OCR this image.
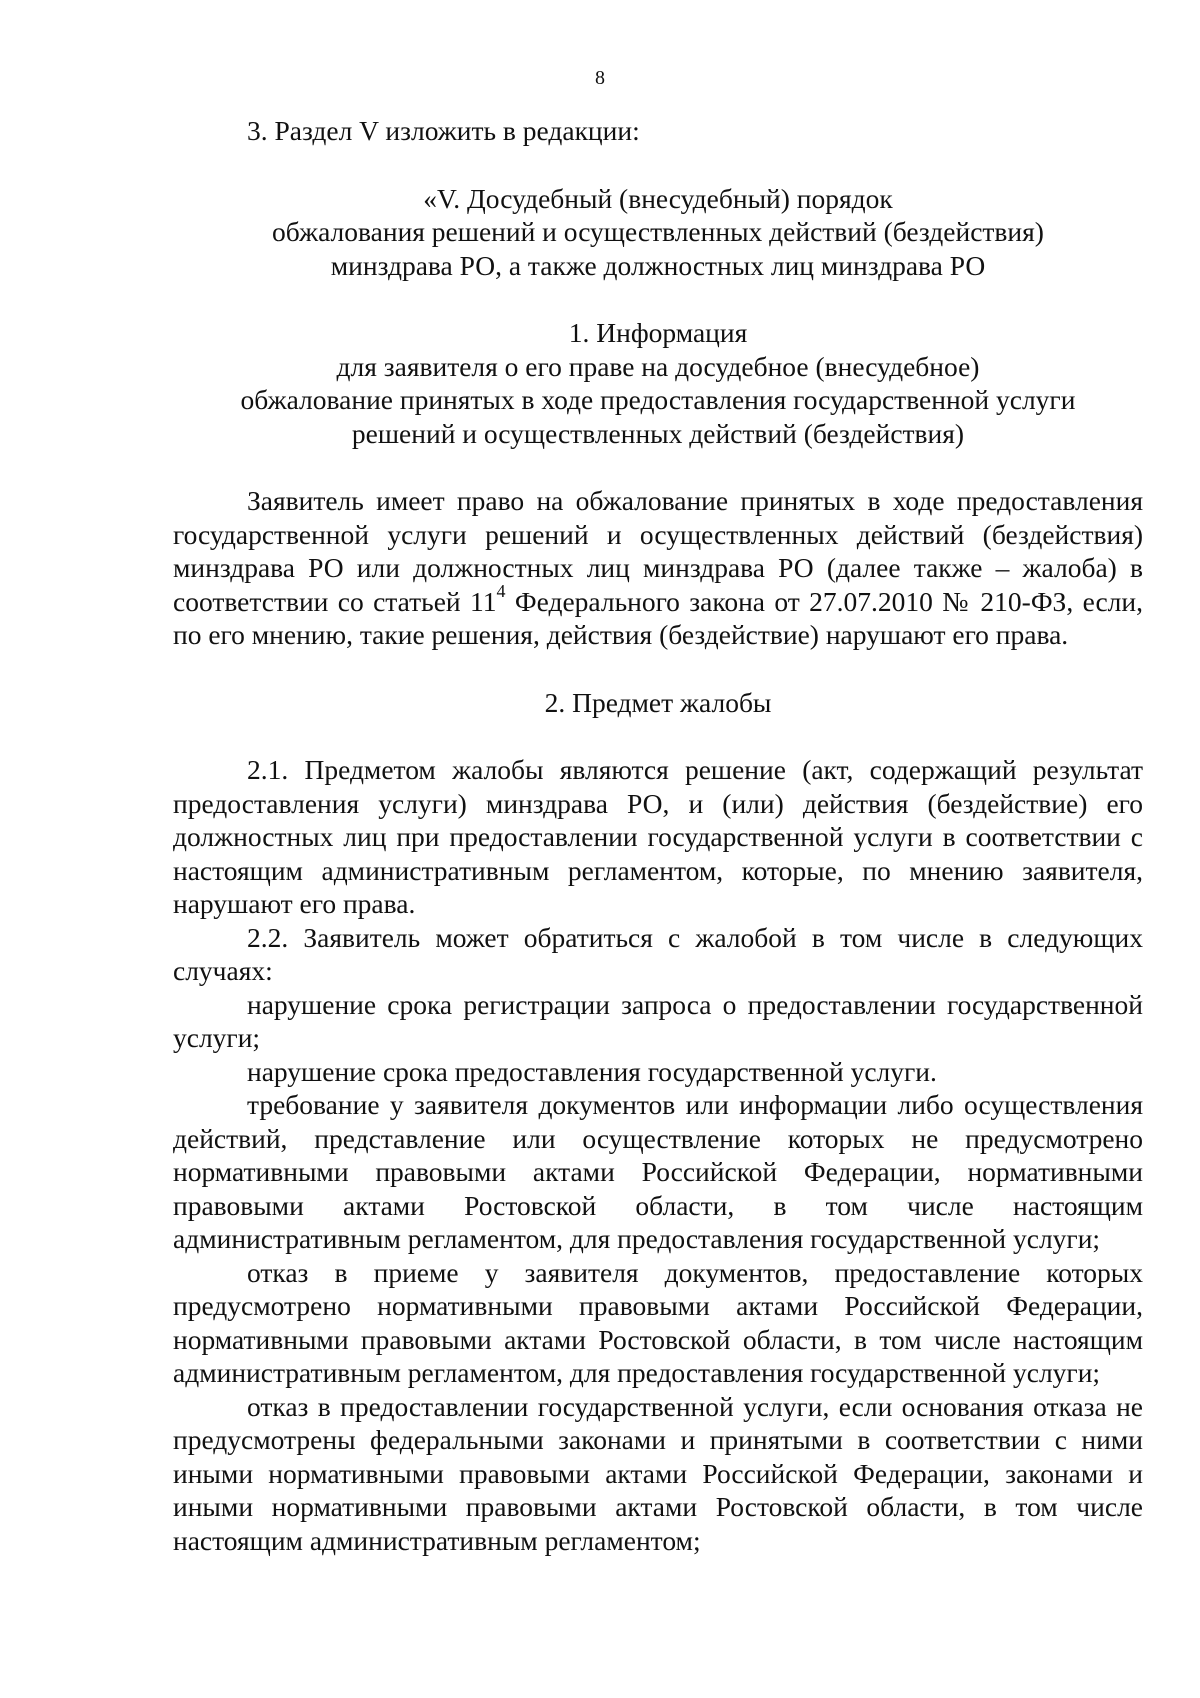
8

3. Раздел V изложить в редакции:

«V. Досудебный (внесудебный) порядок

обжалования решений и осуществленных действий (бездействия)

минздрава РО, а также должностных лиц минздрава РО

1. Информация

для заявителя о его праве на досудебное (внесудебное)

обжалование принятых в ходе предоставления государственной услуги

решений и осуществленных действий (бездействия)

Заявитель имеет право на обжалование принятых в ходе предоставления государственной услуги решений и осуществленных действий (бездействия) минздрава РО или должностных лиц минздрава РО (далее также – жалоба) в соответствии со статьей $11^4$ Федерального закона от 27.07.2010 № 210-ФЗ, если, по его мнению, такие решения, действия (бездействие) нарушают его права.

2. Предмет жалобы

2.1. Предметом жалобы являются решение (акт, содержащий результат предоставления услуги) минздрава РО, и (или) действия (бездействие) его должностных лиц при предоставлении государственной услуги в соответствии с настоящим административным регламентом, которые, по мнению заявителя, нарушают его права.

2.2. Заявитель может обратиться с жалобой в том числе в следующих случаях:

нарушение срока регистрации запроса о предоставлении государственной услуги;

нарушение срока предоставления государственной услуги.

требование у заявителя документов или информации либо осуществления действий, представление или осуществление которых не предусмотрено нормативными правовыми актами Российской Федерации, нормативными правовыми актами Ростовской области, в том числе настоящим административным регламентом, для предоставления государственной услуги;

отказ в приеме у заявителя документов, предоставление которых предусмотрено нормативными правовыми актами Российской Федерации, нормативными правовыми актами Ростовской области, в том числе настоящим административным регламентом, для предоставления государственной услуги;

отказ в предоставлении государственной услуги, если основания отказа не предусмотрены федеральными законами и принятыми в соответствии с ними иными нормативными правовыми актами Российской Федерации, законами и иными нормативными правовыми актами Ростовской области, в том числе настоящим административным регламентом;
